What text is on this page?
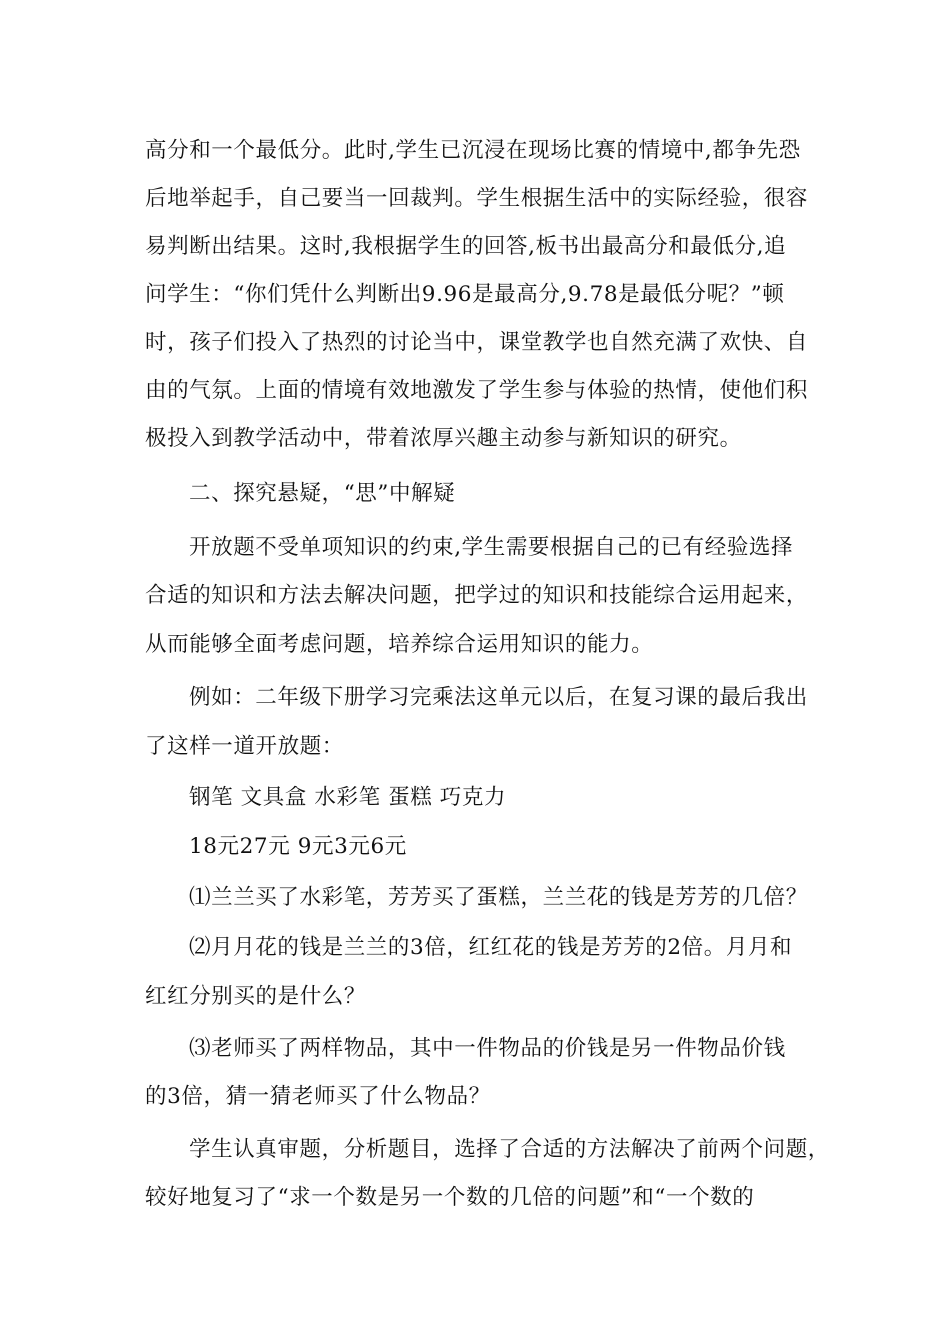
高分和一个最低分。此时,学生已沉浸在现场比赛的情境中,都争先恐
后地举起手，自己要当一回裁判。学生根据生活中的实际经验，很容
易判断出结果。这时,我根据学生的回答,板书出最高分和最低分,追
问学生：“你们凭什么判断出9.96是最高分,9.78是最低分呢？”顿
时，孩子们投入了热烈的讨论当中，课堂教学也自然充满了欢快、自
由的气氛。上面的情境有效地激发了学生参与体验的热情，使他们积
极投入到教学活动中，带着浓厚兴趣主动参与新知识的研究。
二、探究悬疑，“思”中解疑
开放题不受单项知识的约束,学生需要根据自己的已有经验选择
合适的知识和方法去解决问题，把学过的知识和技能综合运用起来，
从而能够全面考虑问题，培养综合运用知识的能力。
例如：二年级下册学习完乘法这单元以后，在复习课的最后我出
了这样一道开放题：
钢笔 文具盒 水彩笔 蛋糕 巧克力
18元27元 9元3元6元
⑴兰兰买了水彩笔，芳芳买了蛋糕，兰兰花的钱是芳芳的几倍？
⑵月月花的钱是兰兰的3倍，红红花的钱是芳芳的2倍。月月和
红红分别买的是什么？
⑶老师买了两样物品，其中一件物品的价钱是另一件物品价钱
的3倍，猜一猜老师买了什么物品？
学生认真审题，分析题目，选择了合适的方法解决了前两个问题，
较好地复习了“求一个数是另一个数的几倍的问题”和“一个数的
